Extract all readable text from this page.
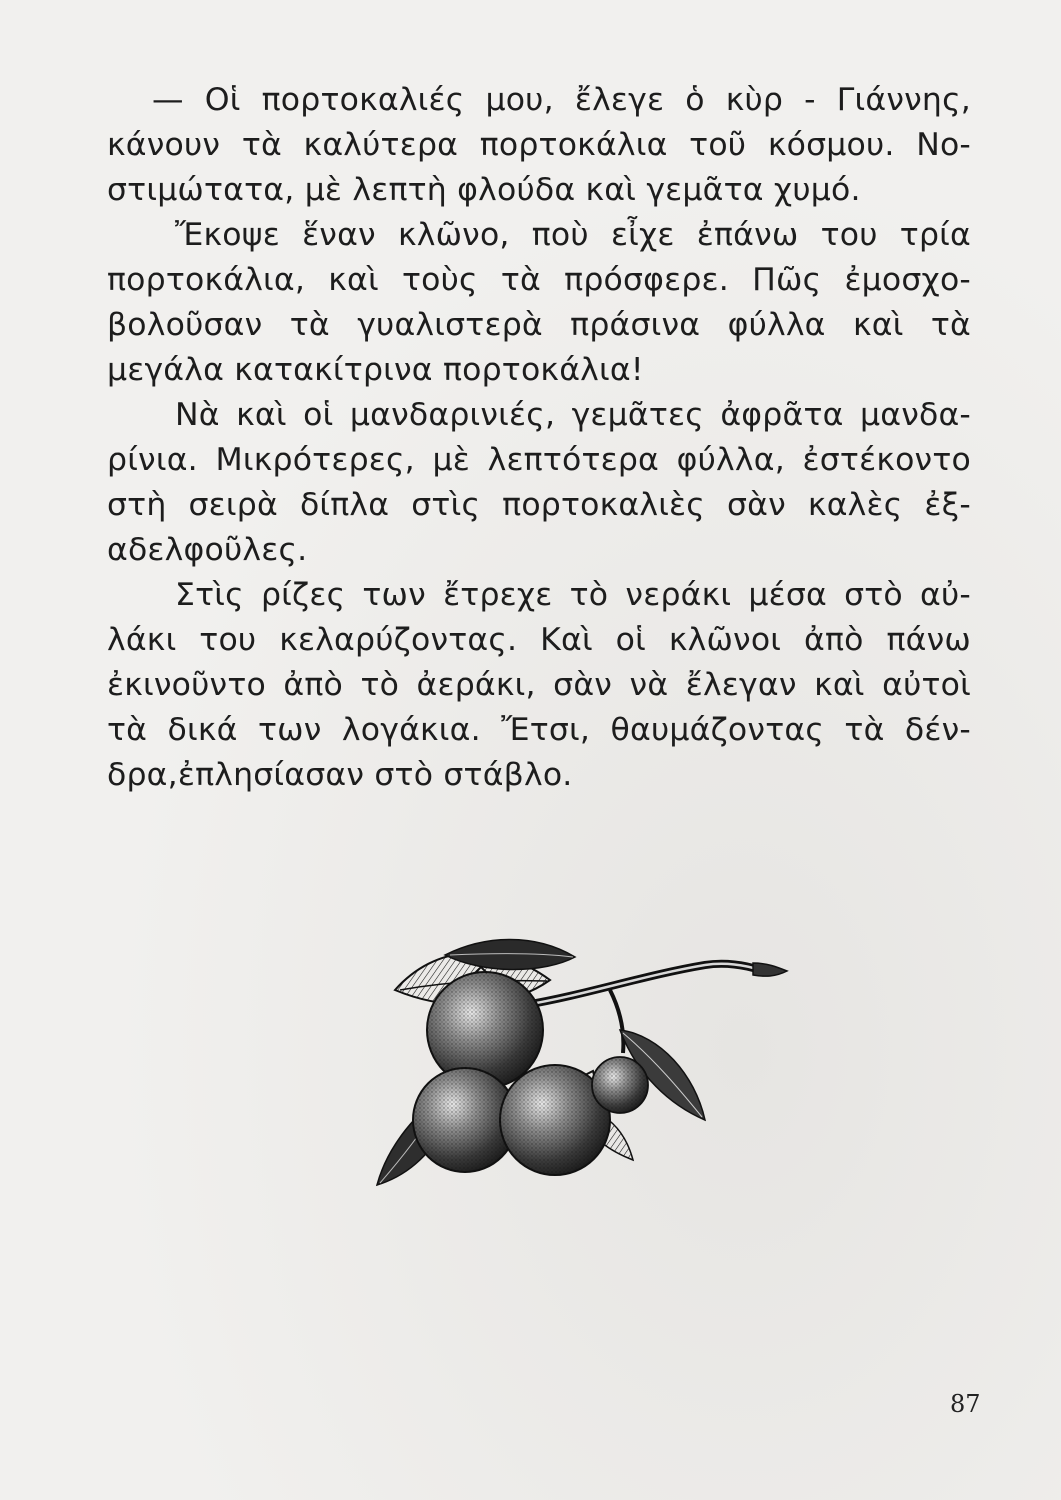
— Οἱ πορτοκαλιές μου, ἔλεγε ὁ κὺρ - Γιάννης,
κάνουν τὰ καλύτερα πορτοκάλια τοῦ κόσμου. Νο-
στιμώτατα, μὲ λεπτὴ φλούδα καὶ γεμᾶτα χυμό.
Ἔκοψε ἕναν κλῶνο, ποὺ εἶχε ἐπάνω του τρία
πορτοκάλια, καὶ τοὺς τὰ πρόσφερε. Πῶς ἐμοσχο-
βολοῦσαν τὰ γυαλιστερὰ πράσινα φύλλα καὶ τὰ
μεγάλα κατακίτρινα πορτοκάλια!
Νὰ καὶ οἱ μανδαρινιές, γεμᾶτες ἀφρᾶτα μανδα-
ρίνια. Μικρότερες, μὲ λεπτότερα φύλλα, ἐστέκοντο
στὴ σειρὰ δίπλα στὶς πορτοκαλιὲς σὰν καλὲς ἐξ-
αδελφοῦλες.
Στὶς ρίζες των ἔτρεχε τὸ νεράκι μέσα στὸ αὐ-
λάκι του κελαρύζοντας. Καὶ οἱ κλῶνοι ἀπὸ πάνω
ἐκινοῦντο ἀπὸ τὸ ἀεράκι, σὰν νὰ ἔλεγαν καὶ αὐτοὶ
τὰ δικά των λογάκια. Ἔτσι, θαυμάζοντας τὰ δέν-
δρα,ἐπλησίασαν στὸ στάβλο.
87
